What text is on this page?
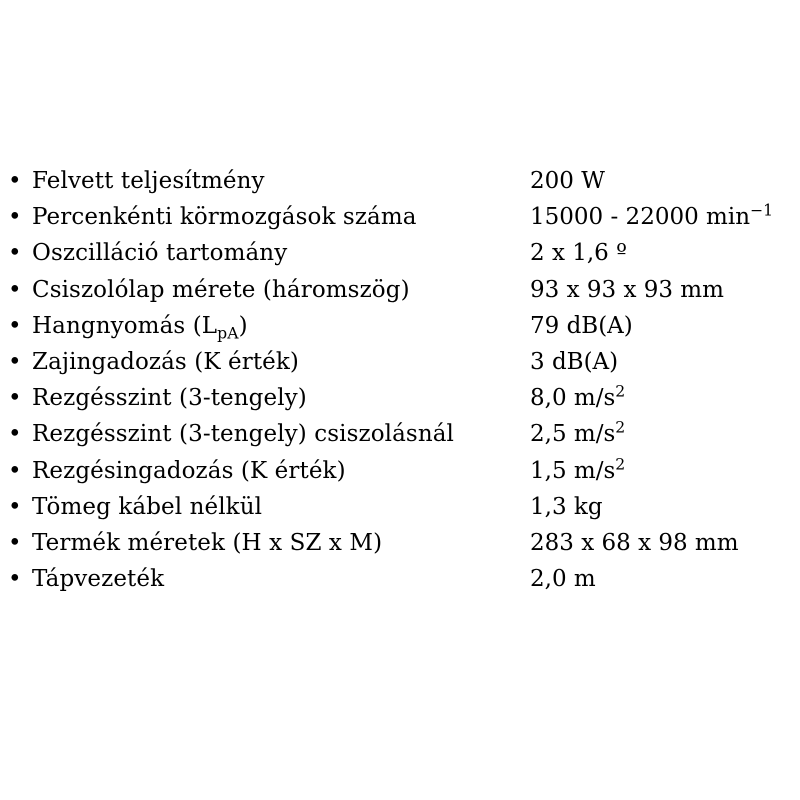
• Felvett teljesítmény	200 W
• Percenkénti körmozgások száma	15000 - 22000 $\min^{-1}$
• Oszcilláció tartomány	2 x 1,6 º
• Csiszolólap mérete (háromszög)	93 x 93 x 93 mm
• Hangnyomás $(L_{pA})$	79 dB(A)
• Zajingadozás (K érték)	3 dB(A)
• Rezgésszint (3-tengely)	8,0 $m/s^2$
• Rezgésszint (3-tengely) csiszolásnál	2,5 $m/s^2$
• Rezgésingadozás (K érték)	1,5 $m/s^2$
• Tömeg kábel nélkül	1,3 kg
• Termék méretek (H x SZ x M)	283 x 68 x 98 mm
• Tápvezeték	2,0 m
